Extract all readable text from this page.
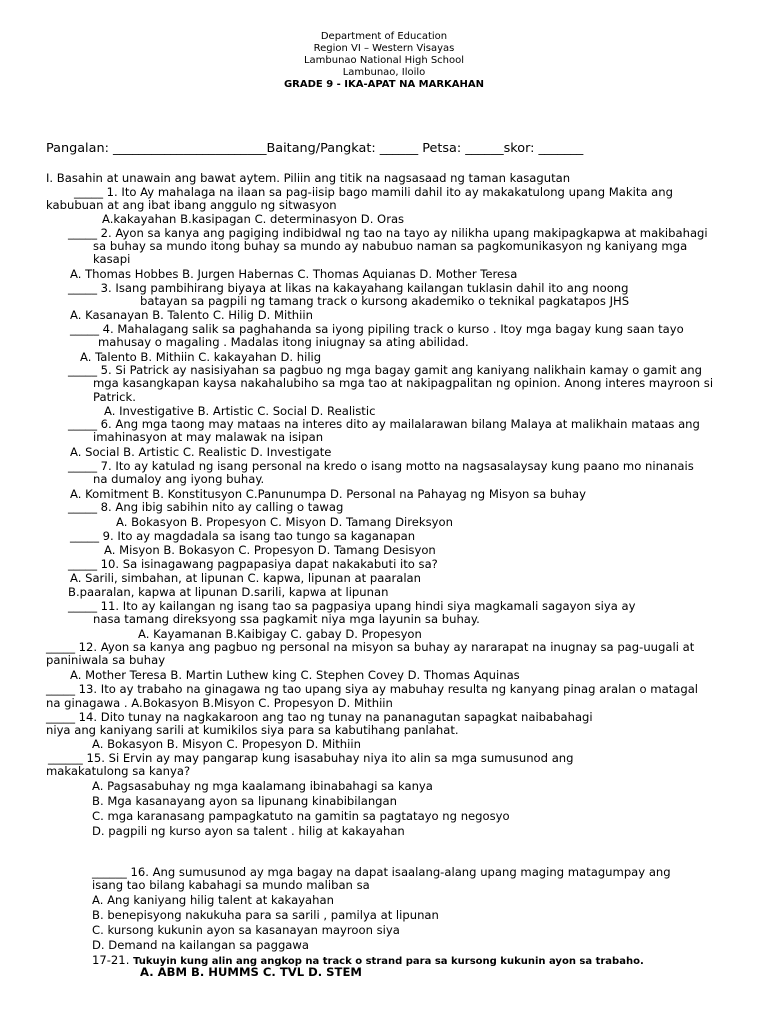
Department of Education
Region VI – Western Visayas
Lambunao National High School
Lambunao, Iloilo
GRADE 9 - IKA-APAT NA MARKAHAN
Pangalan: ________________________Baitang/Pangkat: ______ Petsa: ______skor: _______
I. Basahin at unawain ang bawat aytem. Piliin ang titik na nagsasaad ng taman kasagutan
_____ 1. Ito Ay mahalaga na ilaan sa pag-iisip bago mamili dahil ito ay makakatulong upang Makita ang
kabubuan at ang ibat ibang anggulo ng sitwasyon
A.kakayahan B.kasipagan C. determinasyon D. Oras
_____ 2. Ayon sa kanya ang pagiging indibidwal ng tao na tayo ay nilikha upang makipagkapwa at makibahagi
sa buhay sa mundo itong buhay sa mundo ay nabubuo naman sa pagkomunikasyon ng kaniyang mga
kasapi
A. Thomas Hobbes B. Jurgen Habernas C. Thomas Aquianas D. Mother Teresa
_____ 3. Isang pambihirang biyaya at likas na kakayahang kailangan tuklasin dahil ito ang noong
batayan sa pagpili ng tamang track o kursong akademiko o teknikal pagkatapos JHS
A. Kasanayan B. Talento C. Hilig D. Mithiin
_____ 4. Mahalagang salik sa paghahanda sa iyong pipiling track o kurso . Itoy mga bagay kung saan tayo
mahusay o magaling . Madalas itong iniugnay sa ating abilidad.
A. Talento B. Mithiin C. kakayahan D. hilig
_____ 5. Si Patrick ay nasisiyahan sa pagbuo ng mga bagay gamit ang kaniyang nalikhain kamay o gamit ang
mga kasangkapan kaysa nakahalubiho sa mga tao at nakipagpalitan ng opinion. Anong interes mayroon si
Patrick.
A. Investigative B. Artistic C. Social D. Realistic
_____ 6. Ang mga taong may mataas na interes dito ay mailalarawan bilang Malaya at malikhain mataas ang
imahinasyon at may malawak na isipan
A. Social B. Artistic C. Realistic D. Investigate
_____ 7. Ito ay katulad ng isang personal na kredo o isang motto na nagsasalaysay kung paano mo ninanais
na dumaloy ang iyong buhay.
A. Komitment B. Konstitusyon C.Panunumpa D. Personal na Pahayag ng Misyon sa buhay
_____ 8. Ang ibig sabihin nito ay calling o tawag
A. Bokasyon B. Propesyon C. Misyon D. Tamang Direksyon
_____ 9. Ito ay magdadala sa isang tao tungo sa kaganapan
A. Misyon B. Bokasyon C. Propesyon D. Tamang Desisyon
_____ 10. Sa isinagawang pagpapasiya dapat nakakabuti ito sa?
A. Sarili, simbahan, at lipunan C. kapwa, lipunan at paaralan
B.paaralan, kapwa at lipunan D.sarili, kapwa at lipunan
_____ 11. Ito ay kailangan ng isang tao sa pagpasiya upang hindi siya magkamali sagayon siya ay
nasa tamang direksyong ssa pagkamit niya mga layunin sa buhay.
A. Kayamanan B.Kaibigay C. gabay D. Propesyon
_____ 12. Ayon sa kanya ang pagbuo ng personal na misyon sa buhay ay nararapat na inugnay sa pag-uugali at
paniniwala sa buhay
A. Mother Teresa B. Martin Luthew king C. Stephen Covey D. Thomas Aquinas
_____ 13. Ito ay trabaho na ginagawa ng tao upang siya ay mabuhay resulta ng kanyang pinag aralan o matagal
na ginagawa . A.Bokasyon B.Misyon C. Propesyon D. Mithiin
_____ 14. Dito tunay na nagkakaroon ang tao ng tunay na pananagutan sapagkat naibabahagi
niya ang kaniyang sarili at kumikilos siya para sa kabutihang panlahat.
A. Bokasyon B. Misyon C. Propesyon D. Mithiin
______ 15. Si Ervin ay may pangarap kung isasabuhay niya ito alin sa mga sumusunod ang
makakatulong sa kanya?
A. Pagsasabuhay ng mga kaalamang ibinabahagi sa kanya
B. Mga kasanayang ayon sa lipunang kinabibilangan
C. mga karanasang pampagkatuto na gamitin sa pagtatayo ng negosyo
D. pagpili ng kurso ayon sa talent . hilig at kakayahan
______ 16. Ang sumusunod ay mga bagay na dapat isaalang-alang upang maging matagumpay ang
isang tao bilang kabahagi sa mundo maliban sa
A. Ang kaniyang hilig talent at kakayahan
B. benepisyong nakukuha para sa sarili , pamilya at lipunan
C. kursong kukunin ayon sa kasanayan mayroon siya
D. Demand na kailangan sa paggawa
17-21. Tukuyin kung alin ang angkop na track o strand para sa kursong kukunin ayon sa trabaho.
A. ABM B. HUMMS C. TVL D. STEM
